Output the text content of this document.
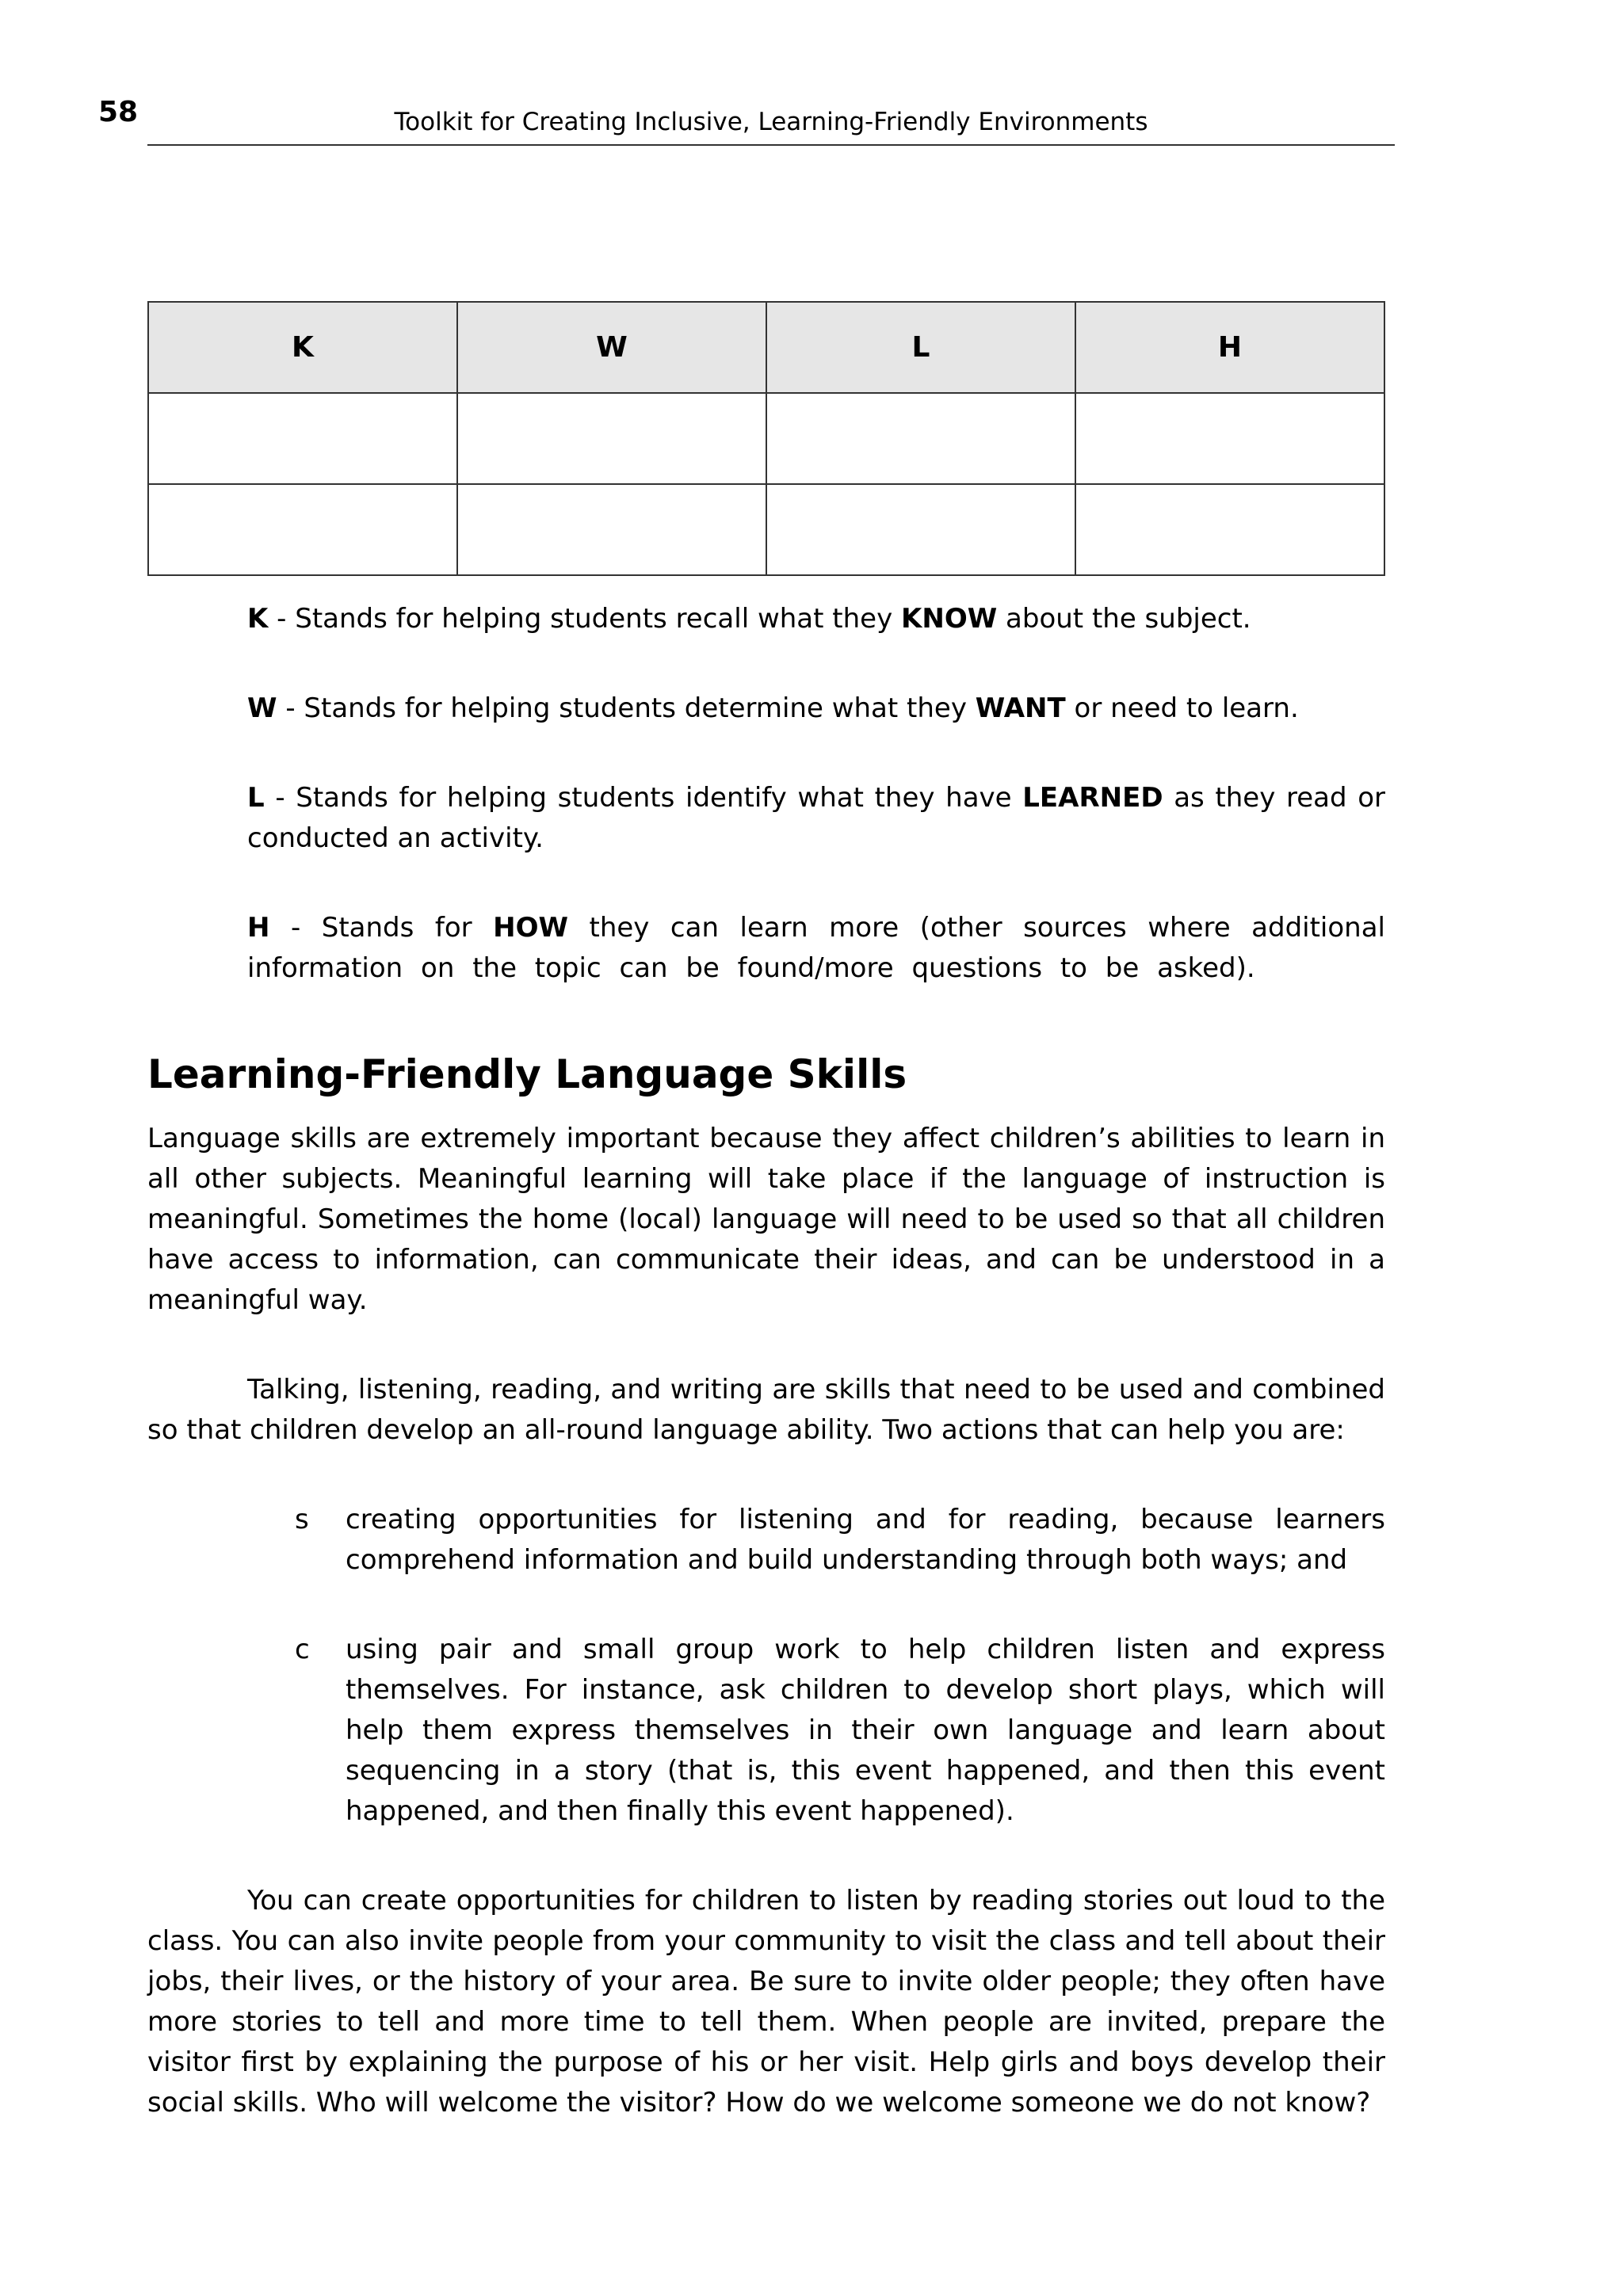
58	Toolkit for Creating Inclusive, Learning-Friendly Environments
K	W	L	H

K - Stands for helping students recall what they KNOW about the subject.

W - Stands for helping students determine what they WANT or need to learn.

L - Stands for helping students identify what they have LEARNED as they read or conducted an activity.

H - Stands for HOW they can learn more (other sources where additional information on the topic can be found/more questions to be asked).

Learning-Friendly Language Skills

Language skills are extremely important because they affect children’s abilities to learn in all other subjects. Meaningful learning will take place if the language of instruction is meaningful. Sometimes the home (local) language will need to be used so that all children have access to information, can communicate their ideas, and can be understood in a meaningful way.

Talking, listening, reading, and writing are skills that need to be used and combined so that children develop an all-round language ability. Two actions that can help you are:

s	creating opportunities for listening and for reading, because learners comprehend information and build understanding through both ways; and
c	using pair and small group work to help children listen and express themselves. For instance, ask children to develop short plays, which will help them express themselves in their own language and learn about sequencing in a story (that is, this event happened, and then this event happened, and then finally this event happened).

You can create opportunities for children to listen by reading stories out loud to the class. You can also invite people from your community to visit the class and tell about their jobs, their lives, or the history of your area. Be sure to invite older people; they often have more stories to tell and more time to tell them. When people are invited, prepare the visitor first by explaining the purpose of his or her visit. Help girls and boys develop their social skills. Who will welcome the visitor? How do we welcome someone we do not know?
